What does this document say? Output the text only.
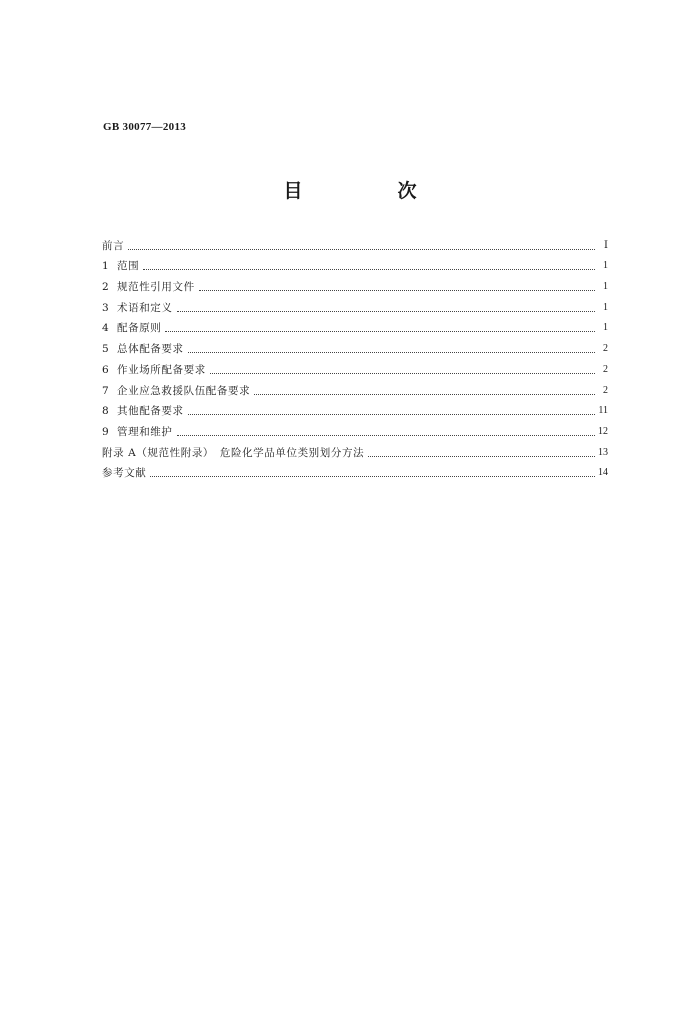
GB 30077—2013
目　次
前言	Ⅰ
1 范围	1
2 规范性引用文件	1
3 术语和定义	1
4 配备原则	1
5 总体配备要求	2
6 作业场所配备要求	2
7 企业应急救援队伍配备要求	2
8 其他配备要求	11
9 管理和维护	12
附录 A（规范性附录）　危险化学品单位类别划分方法	13
参考文献	14
